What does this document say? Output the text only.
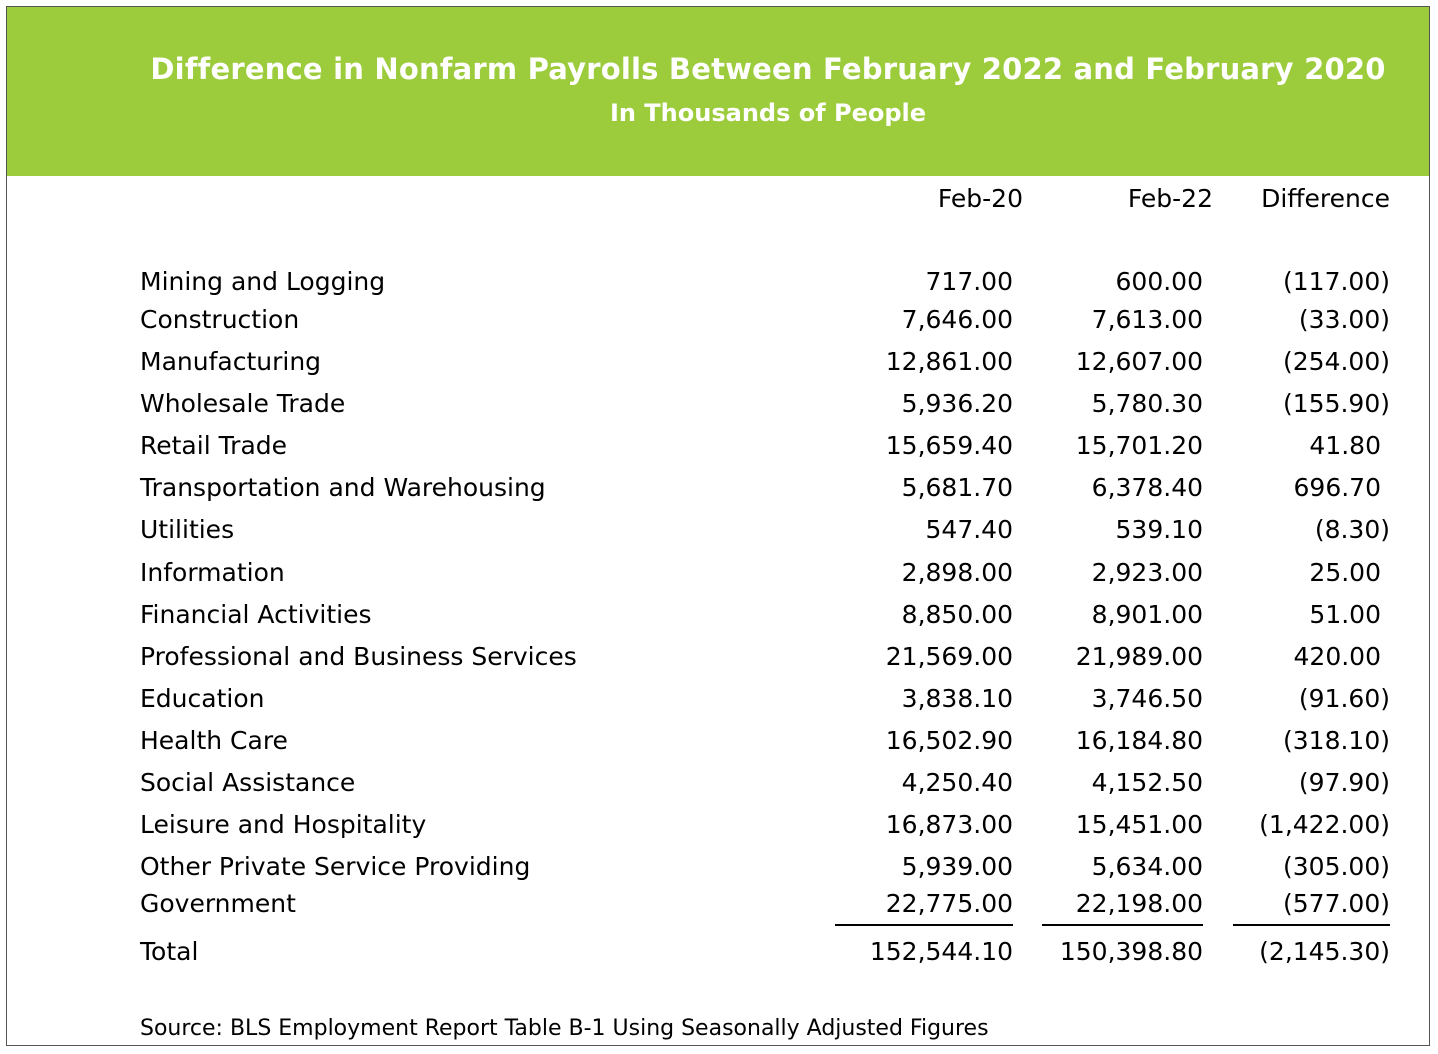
Difference in Nonfarm Payrolls Between February 2022 and February 2020
In Thousands of People
Feb-20	Feb-22	Difference
Mining and Logging	717.00	600.00	(117.00)
Construction	7,646.00	7,613.00	(33.00)
Manufacturing	12,861.00	12,607.00	(254.00)
Wholesale Trade	5,936.20	5,780.30	(155.90)
Retail Trade	15,659.40	15,701.20	41.80
Transportation and Warehousing	5,681.70	6,378.40	696.70
Utilities	547.40	539.10	(8.30)
Information	2,898.00	2,923.00	25.00
Financial Activities	8,850.00	8,901.00	51.00
Professional and Business Services	21,569.00	21,989.00	420.00
Education	3,838.10	3,746.50	(91.60)
Health Care	16,502.90	16,184.80	(318.10)
Social Assistance	4,250.40	4,152.50	(97.90)
Leisure and Hospitality	16,873.00	15,451.00	(1,422.00)
Other Private Service Providing	5,939.00	5,634.00	(305.00)
Government	22,775.00	22,198.00	(577.00)
Total	152,544.10	150,398.80	(2,145.30)
Source: BLS Employment Report Table B-1 Using Seasonally Adjusted Figures
